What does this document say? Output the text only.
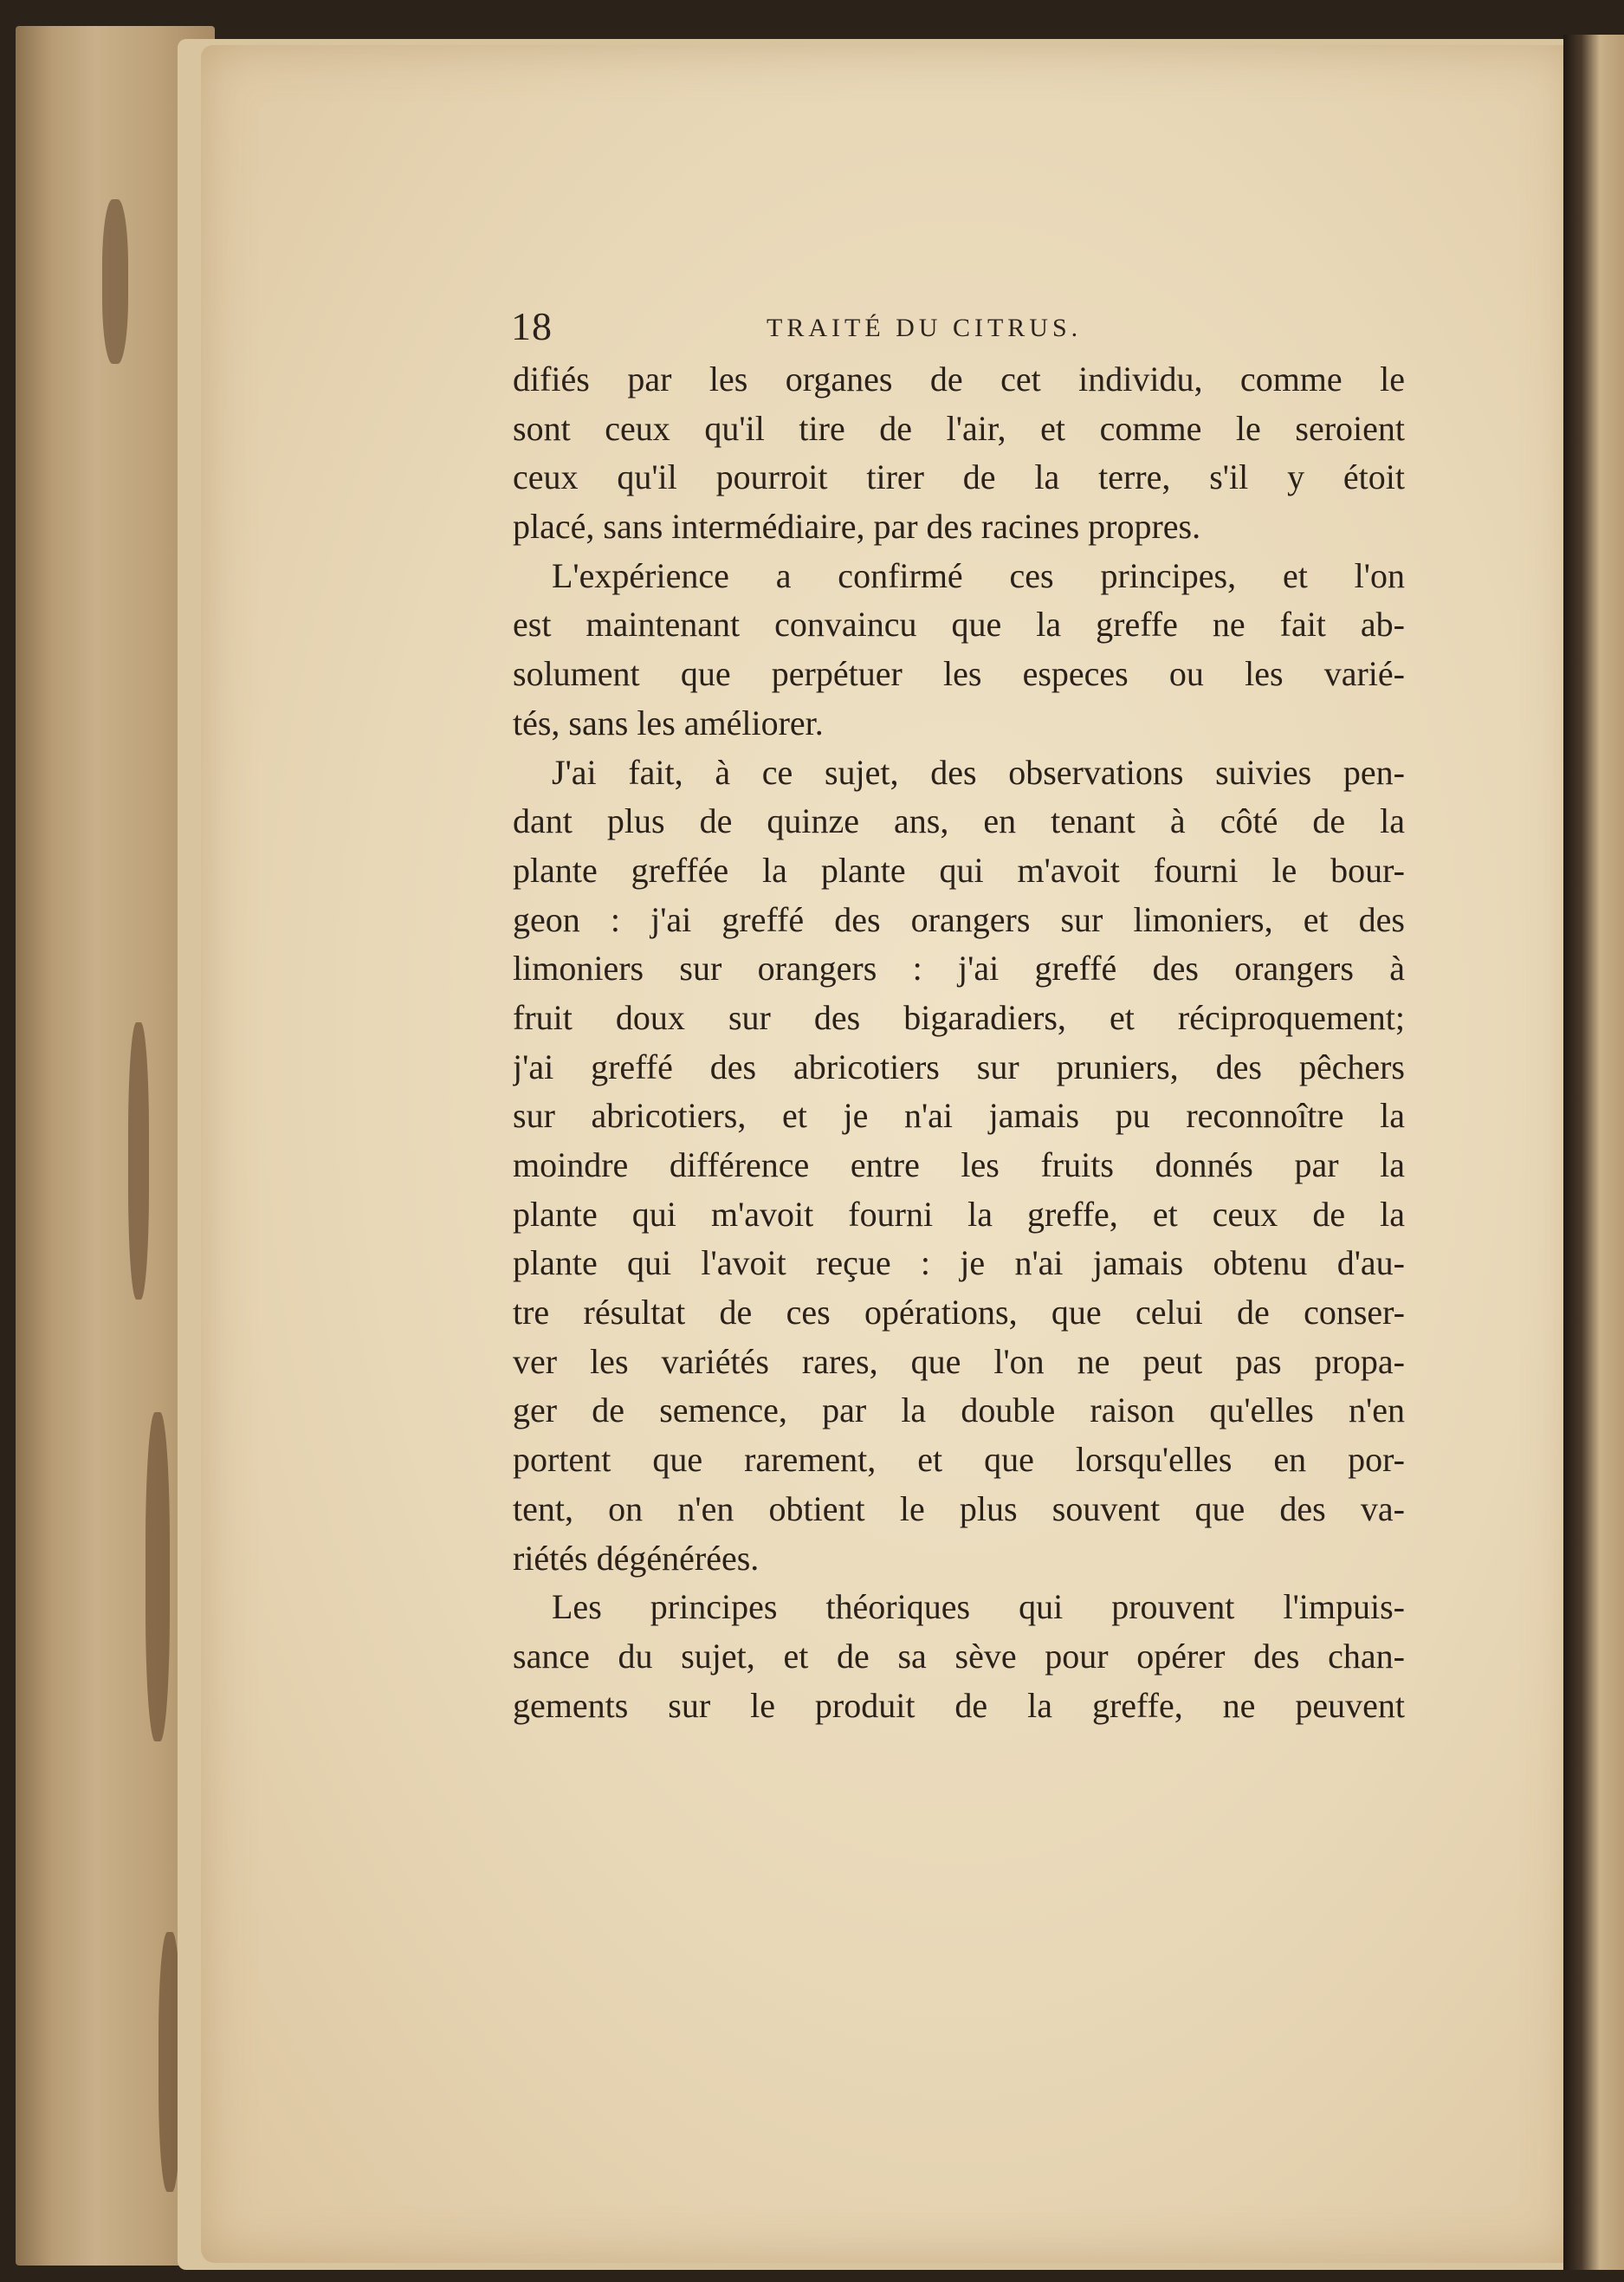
18	TRAITÉ DU CITRUS.
difiés par les organes de cet individu, comme le
sont ceux qu'il tire de l'air, et comme le seroient
ceux qu'il pourroit tirer de la terre, s'il y étoit
placé, sans intermédiaire, par des racines propres.
L'expérience a confirmé ces principes, et l'on
est maintenant convaincu que la greffe ne fait ab-
solument que perpétuer les especes ou les varié-
tés, sans les améliorer.
J'ai fait, à ce sujet, des observations suivies pen-
dant plus de quinze ans, en tenant à côté de la
plante greffée la plante qui m'avoit fourni le bour-
geon : j'ai greffé des orangers sur limoniers, et des
limoniers sur orangers : j'ai greffé des orangers à
fruit doux sur des bigaradiers, et réciproquement;
j'ai greffé des abricotiers sur pruniers, des pêchers
sur abricotiers, et je n'ai jamais pu reconnoître la
moindre différence entre les fruits donnés par la
plante qui m'avoit fourni la greffe, et ceux de la
plante qui l'avoit reçue : je n'ai jamais obtenu d'au-
tre résultat de ces opérations, que celui de conser-
ver les variétés rares, que l'on ne peut pas propa-
ger de semence, par la double raison qu'elles n'en
portent que rarement, et que lorsqu'elles en por-
tent, on n'en obtient le plus souvent que des va-
riétés dégénérées.
Les principes théoriques qui prouvent l'impuis-
sance du sujet, et de sa sève pour opérer des chan-
gements sur le produit de la greffe, ne peuvent
